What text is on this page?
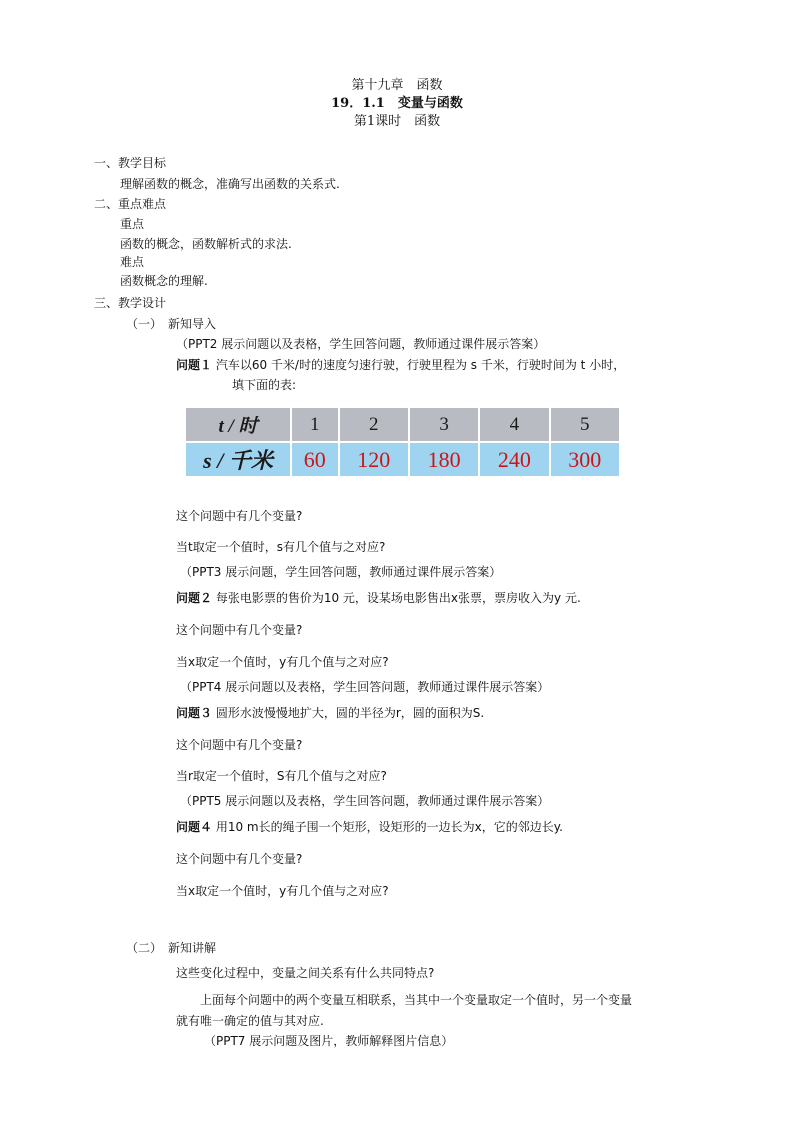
第十九章　函数
19．1.1　变量与函数
第1课时　函数
一、教学目标
理解函数的概念，准确写出函数的关系式.
二、重点难点
重点
函数的概念，函数解析式的求法.
难点
函数概念的理解.
三、教学设计
（一）　新知导入
（PPT2 展示问题以及表格，学生回答问题，教师通过课件展示答案）
问题１ 汽车以60 千米/时的速度匀速行驶，行驶里程为 s 千米，行驶时间为 t 小时，
填下面的表:
t / 时	1	2	3	4	5
s / 千米	60	120	180	240	300
这个问题中有几个变量?
当t取定一个值时，s有几个值与之对应?
（PPT3 展示问题，学生回答问题，教师通过课件展示答案）
问题２ 每张电影票的售价为10 元，设某场电影售出x张票，票房收入为y 元.
这个问题中有几个变量?
当x取定一个值时，y有几个值与之对应?
（PPT4 展示问题以及表格，学生回答问题，教师通过课件展示答案）
问题３ 圆形水波慢慢地扩大，圆的半径为r，圆的面积为S.
这个问题中有几个变量?
当r取定一个值时，S有几个值与之对应?
（PPT5 展示问题以及表格，学生回答问题，教师通过课件展示答案）
问题４ 用10 m长的绳子围一个矩形，设矩形的一边长为x，它的邻边长y.
这个问题中有几个变量?
当x取定一个值时，y有几个值与之对应?
（二）　新知讲解
这些变化过程中，变量之间关系有什么共同特点?
上面每个问题中的两个变量互相联系，当其中一个变量取定一个值时，另一个变量
就有唯一确定的值与其对应.
（PPT7 展示问题及图片，教师解释图片信息）
